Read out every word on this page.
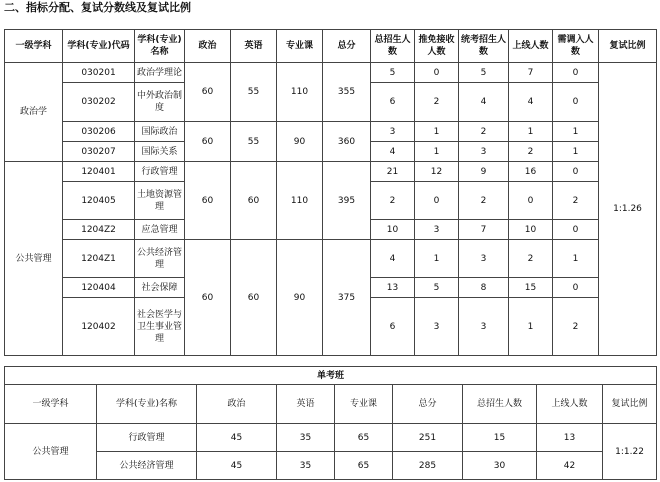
二、指标分配、复试分数线及复试比例
一级学科	学科(专业)代码	学科(专业)名称	政治	英语	专业课	总分	总招生人数	推免接收人数	统考招生人数	上线人数	需调入人数	复试比例
政治学	030201	政治学理论	60	55	110	355	5	0	5	7	0	1:1.26
	030202	中外政治制度					6	2	4	4	0	
	030206	国际政治	60	55	90	360	3	1	2	1	1	
	030207	国际关系					4	1	3	2	1	
公共管理	120401	行政管理	60	60	110	395	21	12	9	16	0	
	120405	土地资源管理					2	0	2	0	2	
	1204Z2	应急管理					10	3	7	10	0	
	1204Z1	公共经济管理	60	60	90	375	4	1	3	2	1	
	120404	社会保障					13	5	8	15	0	
	120402	社会医学与卫生事业管理					6	3	3	1	2	
单考班								
一级学科	学科(专业)名称	政治	英语	专业课	总分	总招生人数	上线人数	复试比例
公共管理	行政管理	45	35	65	251	15	13	1:1.22
	公共经济管理	45	35	65	285	30	42	
